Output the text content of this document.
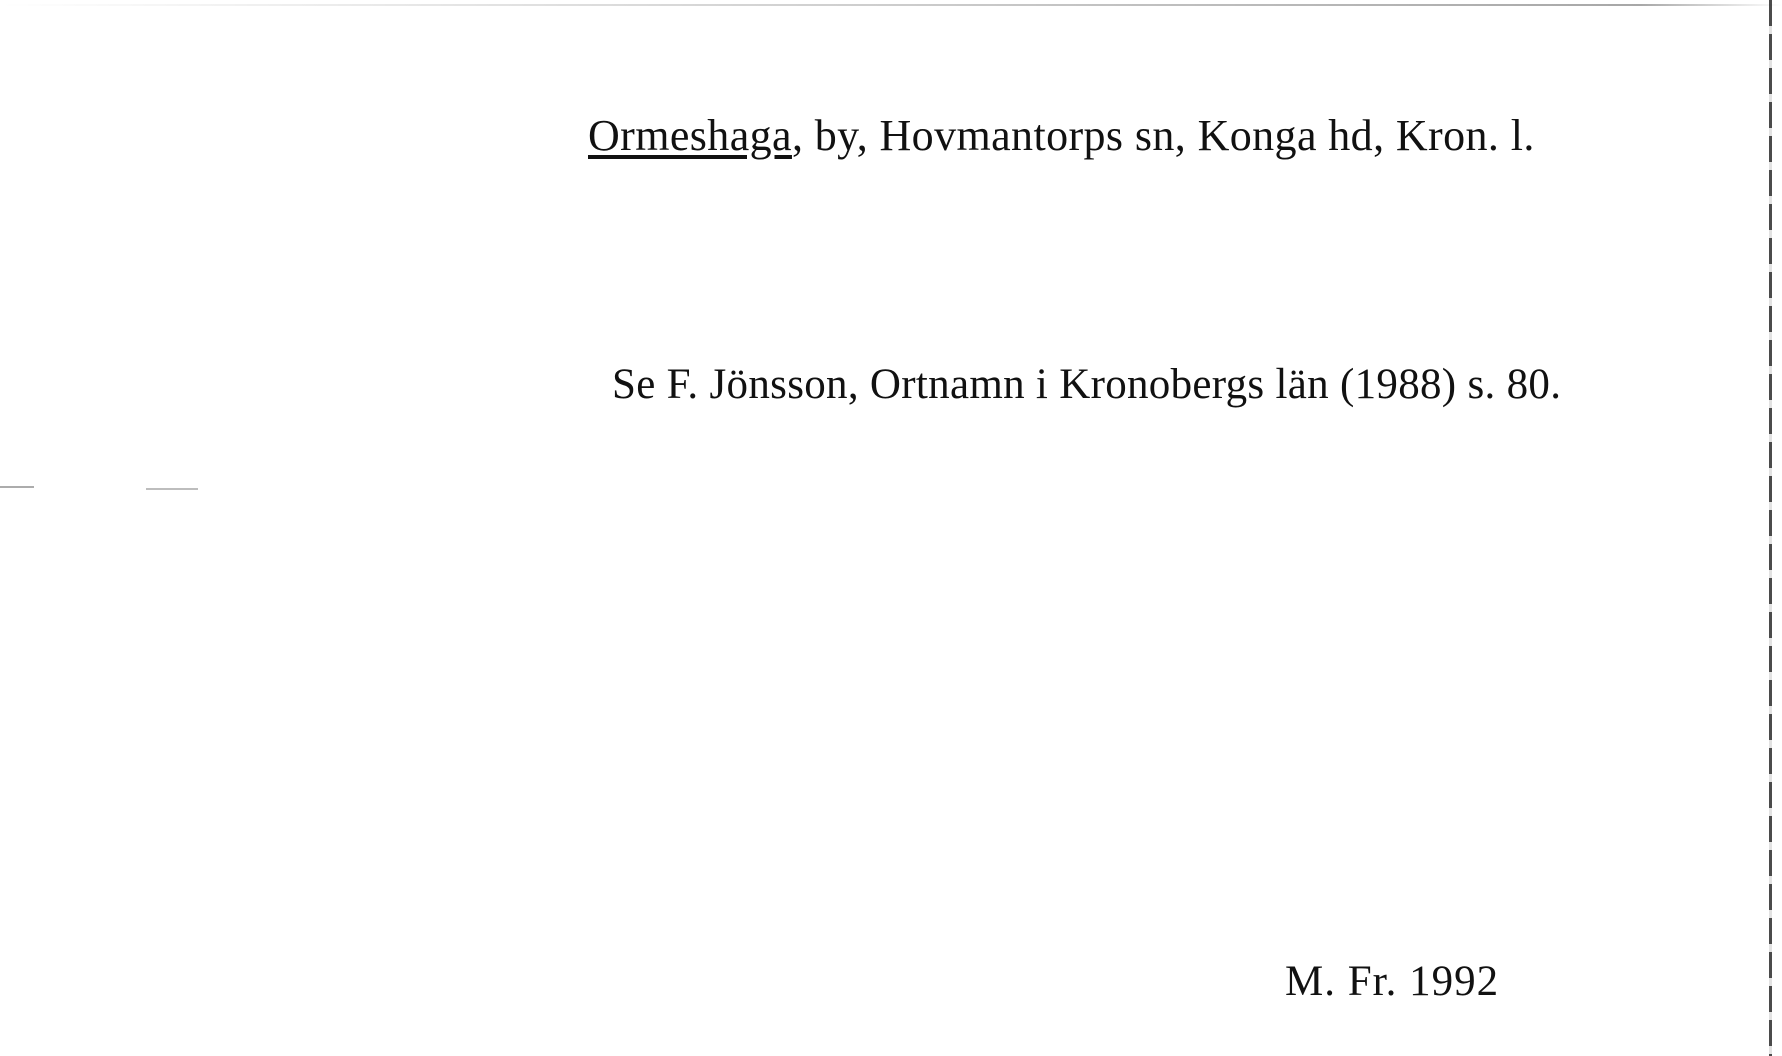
Ormeshaga, by, Hovmantorps sn, Konga hd, Kron. l.
Se F. Jönsson, Ortnamn i Kronobergs län (1988) s. 80.
M. Fr. 1992
